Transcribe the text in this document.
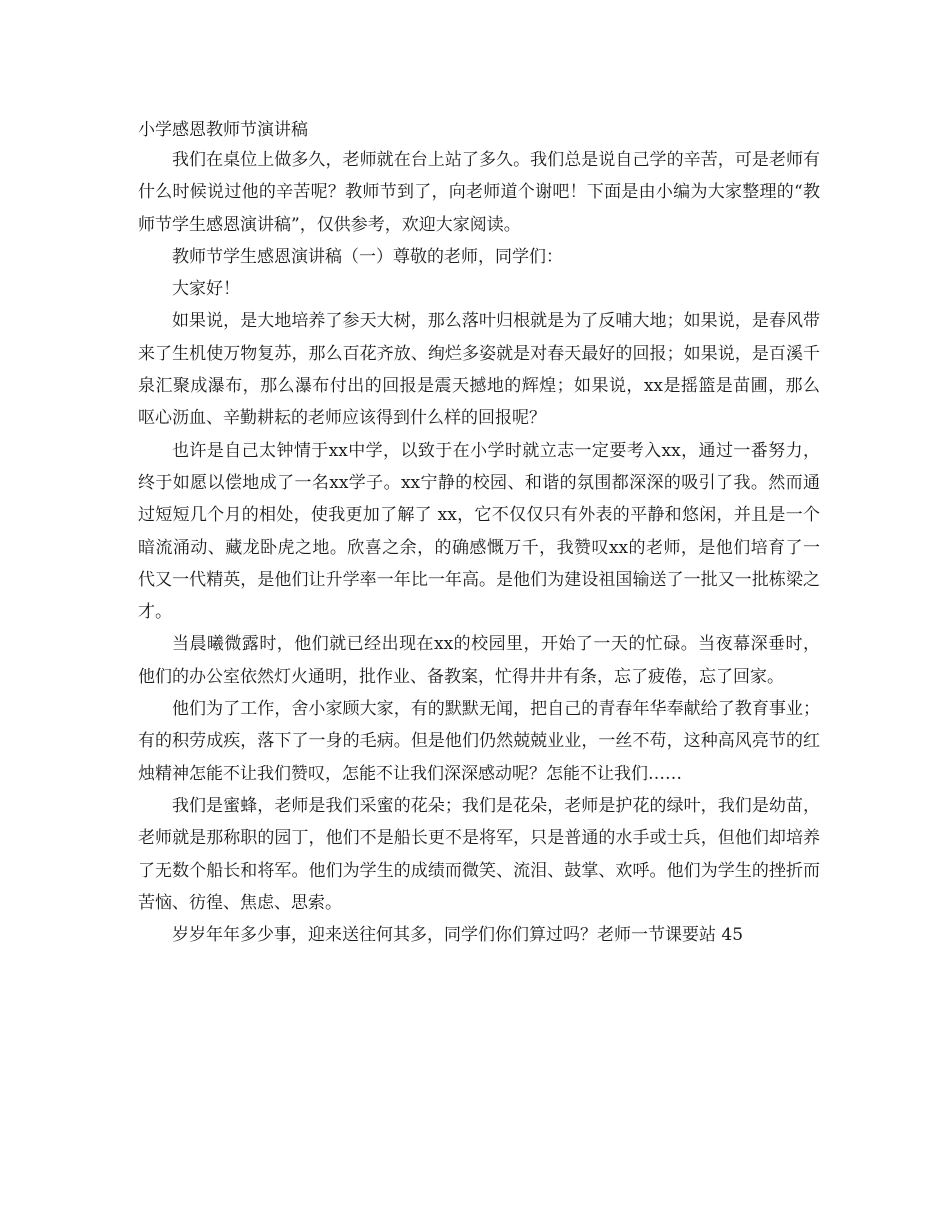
小学感恩教师节演讲稿

我们在桌位上做多久，老师就在台上站了多久。我们总是说自己学的辛苦，可是老师有什么时候说过他的辛苦呢？教师节到了，向老师道个谢吧！下面是由小编为大家整理的“教师节学生感恩演讲稿”，仅供参考，欢迎大家阅读。

教师节学生感恩演讲稿（一）尊敬的老师，同学们：

大家好！

如果说，是大地培养了参天大树，那么落叶归根就是为了反哺大地；如果说，是春风带来了生机使万物复苏，那么百花齐放、绚烂多姿就是对春天最好的回报；如果说，是百溪千泉汇聚成瀑布，那么瀑布付出的回报是震天撼地的辉煌；如果说，xx是摇篮是苗圃，那么呕心沥血、辛勤耕耘的老师应该得到什么样的回报呢？

也许是自己太钟情于xx中学，以致于在小学时就立志一定要考入xx，通过一番努力，终于如愿以偿地成了一名xx学子。xx宁静的校园、和谐的氛围都深深的吸引了我。然而通过短短几个月的相处，使我更加了解了 xx，它不仅仅只有外表的平静和悠闲，并且是一个暗流涌动、藏龙卧虎之地。欣喜之余，的确感慨万千，我赞叹xx的老师，是他们培育了一代又一代精英，是他们让升学率一年比一年高。是他们为建设祖国输送了一批又一批栋梁之才。

当晨曦微露时，他们就已经出现在xx的校园里，开始了一天的忙碌。当夜幕深垂时，他们的办公室依然灯火通明，批作业、备教案，忙得井井有条，忘了疲倦，忘了回家。

他们为了工作，舍小家顾大家，有的默默无闻，把自己的青春年华奉献给了教育事业；有的积劳成疾，落下了一身的毛病。但是他们仍然兢兢业业，一丝不苟，这种高风亮节的红烛精神怎能不让我们赞叹，怎能不让我们深深感动呢？怎能不让我们……

我们是蜜蜂，老师是我们采蜜的花朵；我们是花朵，老师是护花的绿叶，我们是幼苗，老师就是那称职的园丁，他们不是船长更不是将军，只是普通的水手或士兵，但他们却培养了无数个船长和将军。他们为学生的成绩而微笑、流泪、鼓掌、欢呼。他们为学生的挫折而苦恼、彷徨、焦虑、思索。

岁岁年年多少事，迎来送往何其多，同学们你们算过吗？老师一节课要站 45
